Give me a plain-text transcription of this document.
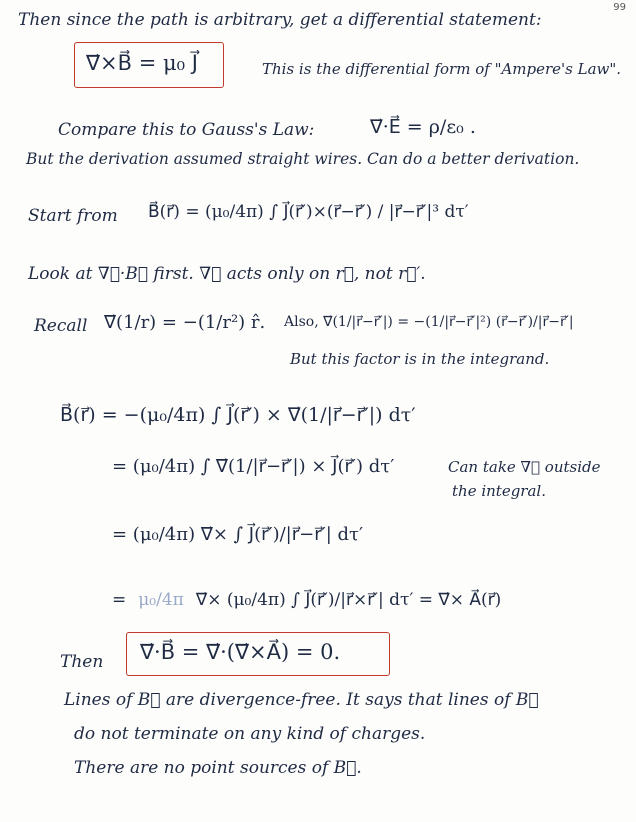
99
Then since the path is arbitrary, get a differential statement:
∇⃗×B⃗ = μ₀ J⃗	This is the differential form of "Ampere's Law".
Compare this to Gauss's Law:	∇⃗·E⃗ = ρ/ε₀ .
But the derivation assumed straight wires. Can do a better derivation.
Start from B⃗(r⃗) = (μ₀/4π) ∫ J⃗(r⃗′)×(r⃗−r⃗′) / |r⃗−r⃗′|³ dτ′
Look at ∇⃗·B⃗ first. ∇⃗ acts only on r⃗, not r⃗′.
Recall ∇⃗(1/r) = −(1/r²) r̂. Also, ∇⃗(1/|r⃗−r⃗′|) = −(1/|r⃗−r⃗′|²) (r⃗−r⃗′)/|r⃗−r⃗′|
But this factor is in the integrand.
B⃗(r⃗) = −(μ₀/4π) ∫ J⃗(r⃗′) × ∇⃗(1/|r⃗−r⃗′|) dτ′
= (μ₀/4π) ∫ ∇⃗(1/|r⃗−r⃗′|) × J⃗(r⃗′) dτ′	Can take ∇⃗ outside
the integral.
= (μ₀/4π) ∇⃗× ∫ J⃗(r⃗′)/|r⃗−r⃗′| dτ′
= μ₀/4π ∇⃗× (μ₀/4π) ∫ J⃗(r⃗′)/|r⃗×r⃗′| dτ′ = ∇⃗× A⃗(r⃗)
Then ∇⃗·B⃗ = ∇⃗·(∇⃗×A⃗) = 0.
Lines of B⃗ are divergence-free. It says that lines of B⃗
do not terminate on any kind of charges.
There are no point sources of B⃗.
